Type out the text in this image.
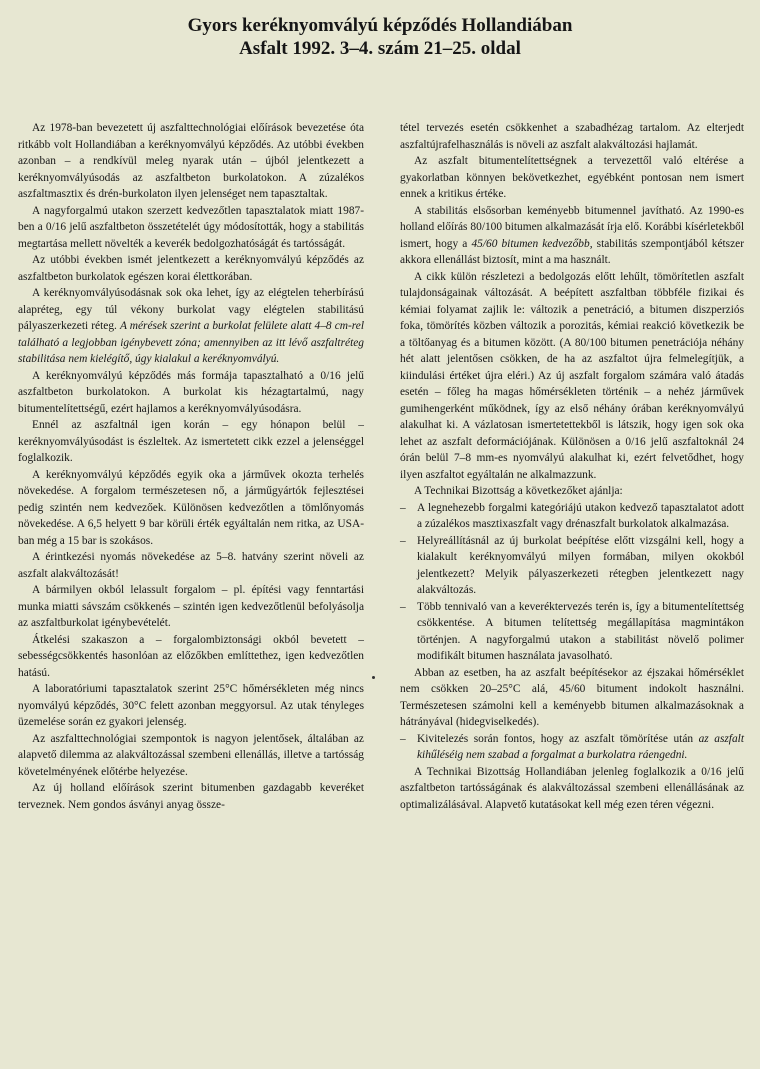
Gyors keréknyomvályú képződés Hollandiában
Asfalt 1992. 3–4. szám 21–25. oldal

Az 1978-ban bevezetett új aszfalttechnológiai előírások bevezetése óta ritkább volt Hollandiában a keréknyomvályú képződés. Az utóbbi években azonban – a rendkívül meleg nyarak után – újból jelentkezett a keréknyomvályúsodás az aszfaltbeton burkolatokon. A zúzalékos aszfaltmasztix és drén-burkolaton ilyen jelenséget nem tapasztaltak.

A nagyforgalmú utakon szerzett kedvezőtlen tapasztalatok miatt 1987-ben a 0/16 jelű aszfaltbeton összetételét úgy módosították, hogy a stabilitás megtartása mellett növelték a keverék bedolgozhatóságát és tartósságát.

Az utóbbi években ismét jelentkezett a keréknyomvályú képződés az aszfaltbeton burkolatok egészen korai élettkorában.

A keréknyomvályúsodásnak sok oka lehet, így az elégtelen teherbírású alapréteg, egy túl vékony burkolat vagy elégtelen stabilitású pályaszerkezeti réteg. A mérések szerint a burkolat felülete alatt 4–8 cm-rel található a legjobban igénybevett zóna; amennyiben az itt lévő aszfaltréteg stabilitása nem kielégítő, úgy kialakul a keréknyomvályú.

A keréknyomvályú képződés más formája tapasztalható a 0/16 jelű aszfaltbeton burkolatokon. A burkolat kis hézagtartalmú, nagy bitumentelítettségű, ezért hajlamos a keréknyomvályúsodásra.

Ennél az aszfaltnál igen korán – egy hónapon belül – keréknyomvályúsodást is észleltek. Az ismertetett cikk ezzel a jelenséggel foglalkozik.

A keréknyomvályú képződés egyik oka a járművek okozta terhelés növekedése. A forgalom természetesen nő, a járműgyártók fejlesztései pedig szintén nem kedvezőek. Különösen kedvezőtlen a tömlőnyomás növekedése. A 6,5 helyett 9 bar körüli érték egyáltalán nem ritka, az USA-ban még a 15 bar is szokásos.

A érintkezési nyomás növekedése az 5–8. hatvány szerint növeli az aszfalt alakváltozását!

A bármilyen okból lelassult forgalom – pl. építési vagy fenntartási munka miatti sávszám csökkenés – szintén igen kedvezőtlenül befolyásolja az aszfaltburkolat igénybevételét.

Átkelési szakaszon a – forgalombiztonsági okból bevetett – sebességcsökkentés hasonlóan az előzőkben említtethez, igen kedvezőtlen hatású.

A laboratóriumi tapasztalatok szerint 25°C hőmérsékleten még nincs nyomvályú képződés, 30°C felett azonban meggyorsul. Az utak tényleges üzemelése során ez gyakori jelenség.

Az aszfalttechnológiai szempontok is nagyon jelentősek, általában az alapvető dilemma az alakváltozással szembeni ellenállás, illetve a tartósság követelményének előtérbe helyezése.

Az új holland előírások szerint bitumenben gazdagabb keveréket terveznek. Nem gondos ásványi anyag össze-

tétel tervezés esetén csökkenhet a szabadhézag tartalom. Az elterjedt aszfaltújrafelhasználás is növeli az aszfalt alakváltozási hajlamát.

Az aszfalt bitumentelítettségnek a tervezettől való eltérése a gyakorlatban könnyen bekövetkezhet, egyébként pontosan nem ismert ennek a kritikus értéke.

A stabilitás elsősorban keményebb bitumennel javítható. Az 1990-es holland előírás 80/100 bitumen alkalmazását írja elő. Korábbi kísérletekből ismert, hogy a 45/60 bitumen kedvezőbb, stabilitás szempontjából kétszer akkora ellenállást biztosít, mint a ma használt.

A cikk külön részletezi a bedolgozás előtt lehűlt, tömörítetlen aszfalt tulajdonságainak változását. A beépített aszfaltban többféle fizikai és kémiai folyamat zajlik le: változik a penetráció, a bitumen diszperziós foka, tömörítés közben változik a porozitás, kémiai reakció következik be a töltőanyag és a bitumen között. (A 80/100 bitumen penetrációja néhány hét alatt jelentősen csökken, de ha az aszfaltot újra felmelegítjük, a kiindulási értéket újra eléri.) Az új aszfalt forgalom számára való átadás esetén – főleg ha magas hőmérsékleten történik – a nehéz járművek gumihengerként működnek, így az első néhány órában keréknyomvályú alakulhat ki. A vázlatosan ismertetettekből is látszik, hogy igen sok oka lehet az aszfalt deformációjának. Különösen a 0/16 jelű aszfaltoknál 24 órán belül 7–8 mm-es nyomvályú alakulhat ki, ezért felvetődhet, hogy ilyen aszfaltot egyáltalán ne alkalmazzunk.

A Technikai Bizottság a következőket ajánlja:

– A legnehezebb forgalmi kategóriájú utakon kedvező tapasztalatot adott a zúzalékos masztixaszfalt vagy drénaszfalt burkolatok alkalmazása.

– Helyreállításnál az új burkolat beépítése előtt vizsgálni kell, hogy a kialakult keréknyomvályú milyen formában, milyen okokból jelentkezett? Melyik pályaszerkezeti rétegben jelentkezett nagy alakváltozás.

– Több tennivaló van a keveréktervezés terén is, így a bitumentelítettség csökkentése. A bitumen telítettség megállapítása magmintákon történjen. A nagyforgalmú utakon a stabilitást növelő polimer modifikált bitumen használata javasolható.

Abban az esetben, ha az aszfalt beépítésekor az éjszakai hőmérséklet nem csökken 20–25°C alá, 45/60 bitument indokolt használni. Természetesen számolni kell a keményebb bitumen alkalmazásoknak a hátrányával (hidegviselkedés).

– Kivitelezés során fontos, hogy az aszfalt tömörítése után az aszfalt kihűléséig nem szabad a forgalmat a burkolatra ráengedni.

A Technikai Bizottság Hollandiában jelenleg foglalkozik a 0/16 jelű aszfaltbeton tartósságának és alakváltozással szembeni ellenállásának az optimalizálásával. Alapvető kutatásokat kell még ezen téren végezni.
